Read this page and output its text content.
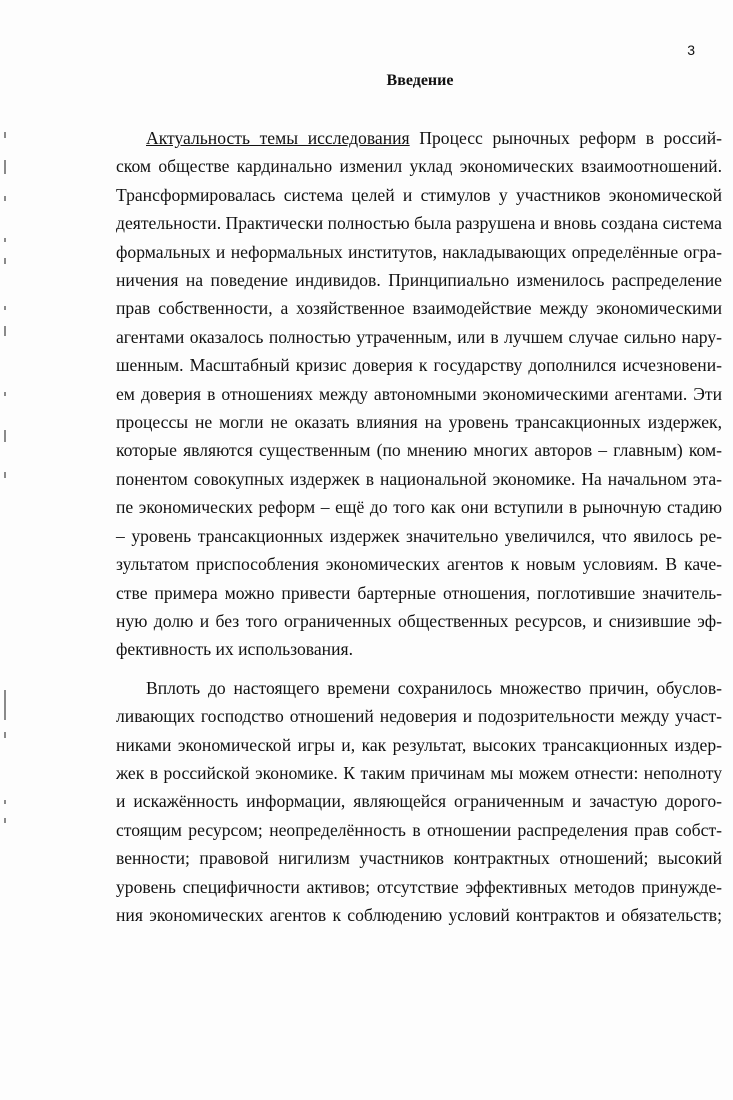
3
Введение
Актуальность темы исследования Процесс рыночных реформ в россий-
ском обществе кардинально изменил уклад экономических взаимоотношений.
Трансформировалась система целей и стимулов у участников экономической
деятельности. Практически полностью была разрушена и вновь создана система
формальных и неформальных институтов, накладывающих определённые огра-
ничения на поведение индивидов. Принципиально изменилось распределение
прав собственности, а хозяйственное взаимодействие между экономическими
агентами оказалось полностью утраченным, или в лучшем случае сильно нару-
шенным. Масштабный кризис доверия к государству дополнился исчезновени-
ем доверия в отношениях между автономными экономическими агентами. Эти
процессы не могли не оказать влияния на уровень трансакционных издержек,
которые являются существенным (по мнению многих авторов – главным) ком-
понентом совокупных издержек в национальной экономике. На начальном эта-
пе экономических реформ – ещё до того как они вступили в рыночную стадию
– уровень трансакционных издержек значительно увеличился, что явилось ре-
зультатом приспособления экономических агентов к новым условиям. В каче-
стве примера можно привести бартерные отношения, поглотившие значитель-
ную долю и без того ограниченных общественных ресурсов, и снизившие эф-
фективность их использования.
Вплоть до настоящего времени сохранилось множество причин, обуслов-
ливающих господство отношений недоверия и подозрительности между участ-
никами экономической игры и, как результат, высоких трансакционных издер-
жек в российской экономике. К таким причинам мы можем отнести: неполноту
и искажённость информации, являющейся ограниченным и зачастую дорого-
стоящим ресурсом; неопределённость в отношении распределения прав собст-
венности; правовой нигилизм участников контрактных отношений; высокий
уровень специфичности активов; отсутствие эффективных методов принужде-
ния экономических агентов к соблюдению условий контрактов и обязательств;
